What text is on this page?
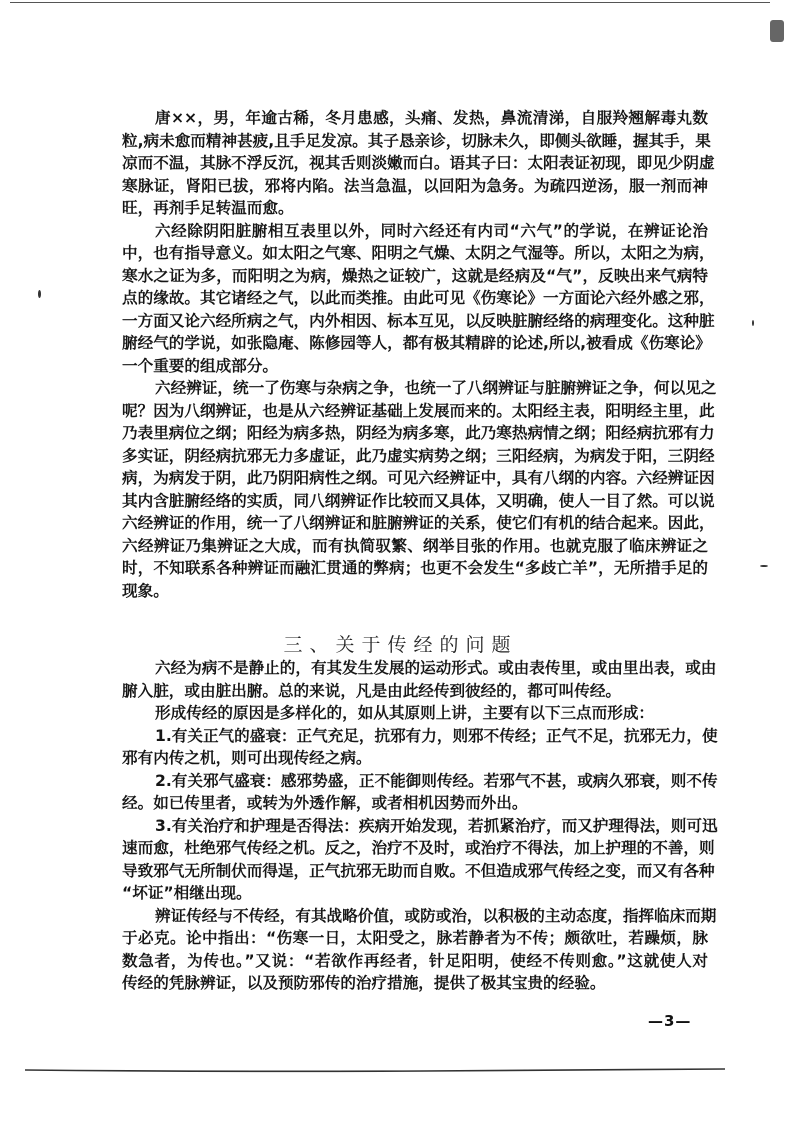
唐××，男，年逾古稀，冬月患感，头痛、发热，鼻流清涕，自服羚翘解毒丸数
粒,病未愈而精神甚疲,且手足发凉。其子恳亲诊，切脉未久，即侧头欲睡，握其手，果
凉而不温，其脉不浮反沉，视其舌则淡嫩而白。语其子曰：太阳表证初现，即见少阴虚
寒脉证，肾阳已拔，邪将内陷。法当急温，以回阳为急务。为疏四逆汤，服一剂而神
旺，再剂手足转温而愈。
六经除阴阳脏腑相互表里以外，同时六经还有内司“六气”的学说，在辨证论治
中，也有指导意义。如太阳之气寒、阳明之气燥、太阴之气湿等。所以，太阳之为病，
寒水之证为多，而阳明之为病，燥热之证较广，这就是经病及“气”，反映出来气病特
点的缘故。其它诸经之气，以此而类推。由此可见《伤寒论》一方面论六经外感之邪，
一方面又论六经所病之气，内外相因、标本互见，以反映脏腑经络的病理变化。这种脏
腑经气的学说，如张隐庵、陈修园等人，都有极其精辟的论述,所以,被看成《伤寒论》
一个重要的组成部分。
六经辨证，统一了伤寒与杂病之争，也统一了八纲辨证与脏腑辨证之争，何以见之
呢？因为八纲辨证，也是从六经辨证基础上发展而来的。太阳经主表，阳明经主里，此
乃表里病位之纲；阳经为病多热，阴经为病多寒，此乃寒热病情之纲；阳经病抗邪有力
多实证，阴经病抗邪无力多虚证，此乃虚实病势之纲；三阳经病，为病发于阳，三阴经
病，为病发于阴，此乃阴阳病性之纲。可见六经辨证中，具有八纲的内容。六经辨证因
其内含脏腑经络的实质，同八纲辨证作比较而又具体，又明确，使人一目了然。可以说
六经辨证的作用，统一了八纲辨证和脏腑辨证的关系，使它们有机的结合起来。因此，
六经辨证乃集辨证之大成，而有执简驭繁、纲举目张的作用。也就克服了临床辨证之
时，不知联系各种辨证而融汇贯通的弊病；也更不会发生“多歧亡羊”，无所措手足的
现象。
六经为病不是静止的，有其发生发展的运动形式。或由表传里，或由里出表，或由
腑入脏，或由脏出腑。总的来说，凡是由此经传到彼经的，都可叫传经。
形成传经的原因是多样化的，如从其原则上讲，主要有以下三点而形成：
1.有关正气的盛衰：正气充足，抗邪有力，则邪不传经；正气不足，抗邪无力，使
邪有内传之机，则可出现传经之病。
2.有关邪气盛衰：感邪势盛，正不能御则传经。若邪气不甚，或病久邪衰，则不传
经。如已传里者，或转为外透作解，或者相机因势而外出。
3.有关治疗和护理是否得法：疾病开始发现，若抓紧治疗，而又护理得法，则可迅
速而愈，杜绝邪气传经之机。反之，治疗不及时，或治疗不得法，加上护理的不善，则
导致邪气无所制伏而得逞，正气抗邪无助而自败。不但造成邪气传经之变，而又有各种
“坏证”相继出现。
辨证传经与不传经，有其战略价值，或防或治，以积极的主动态度，指挥临床而期
于必克。论中指出：“伤寒一日，太阳受之，脉若静者为不传；颇欲吐，若躁烦，脉
数急者，为传也。”又说：“若欲作再经者，针足阳明，使经不传则愈。”这就使人对
传经的凭脉辨证，以及预防邪传的治疗措施，提供了极其宝贵的经验。
三、关于传经的问题
—3—
